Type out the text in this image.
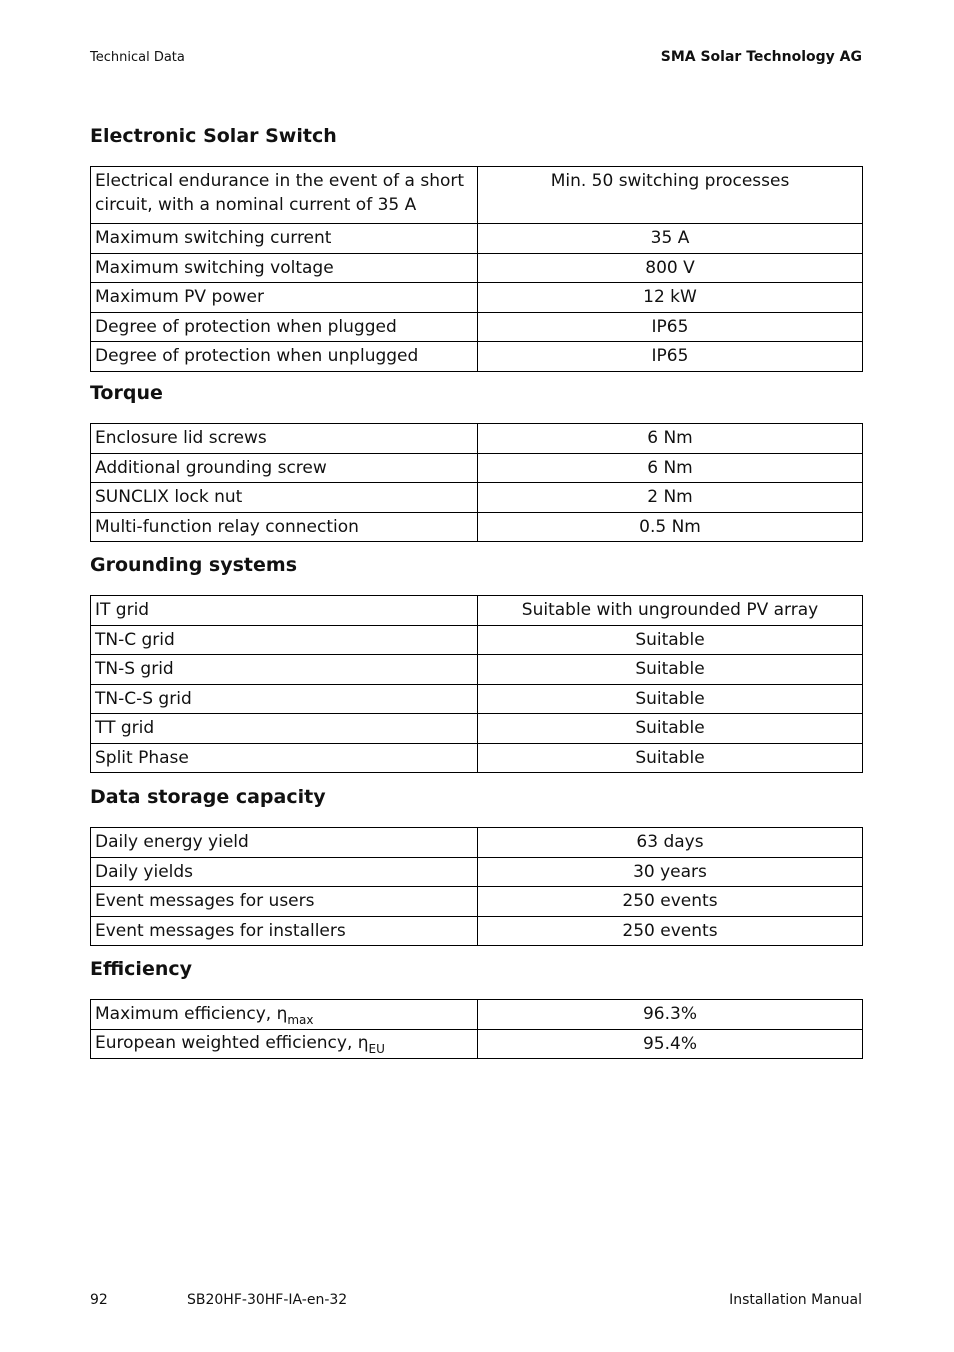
Technical Data	SMA Solar Technology AG
Electronic Solar Switch
Electrical endurance in the event of a short circuit, with a nominal current of 35 A	Min. 50 switching processes
Maximum switching current	35 A
Maximum switching voltage	800 V
Maximum PV power	12 kW
Degree of protection when plugged	IP65
Degree of protection when unplugged	IP65
Torque
Enclosure lid screws	6 Nm
Additional grounding screw	6 Nm
SUNCLIX lock nut	2 Nm
Multi-function relay connection	0.5 Nm
Grounding systems
IT grid	Suitable with ungrounded PV array
TN-C grid	Suitable
TN-S grid	Suitable
TN-C-S grid	Suitable
TT grid	Suitable
Split Phase	Suitable
Data storage capacity
Daily energy yield	63 days
Daily yields	30 years
Event messages for users	250 events
Event messages for installers	250 events
Efficiency
Maximum efficiency, $\eta_{max}$	96.3%
European weighted efficiency, $\eta_{EU}$	95.4%
92	SB20HF-30HF-IA-en-32	Installation Manual
